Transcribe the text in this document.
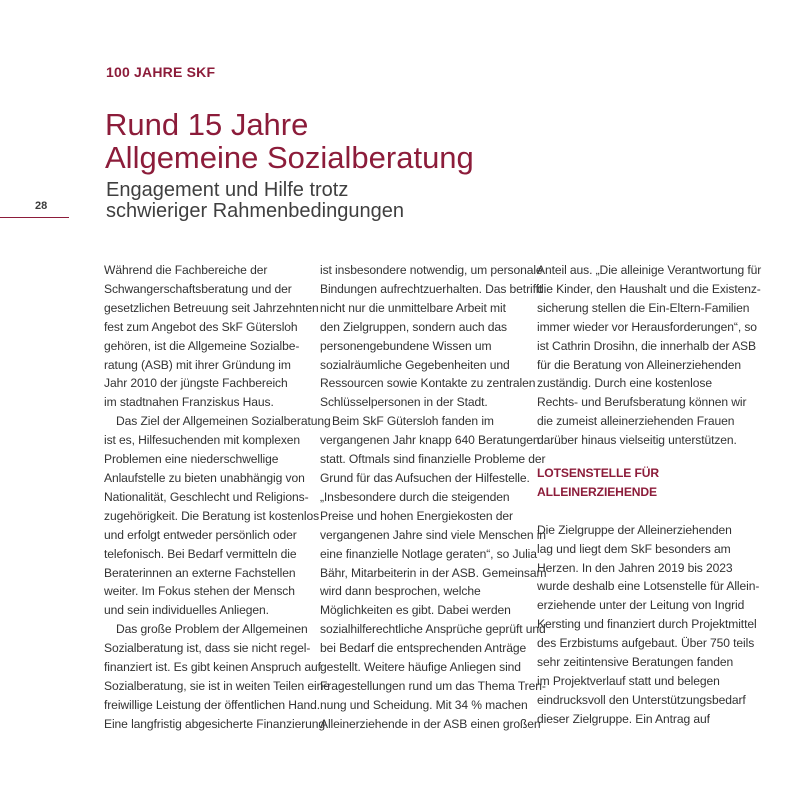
100 JAHRE SKF
Rund 15 Jahre
Allgemeine Sozialberatung
Engagement und Hilfe trotz
schwieriger Rahmenbedingungen
28
Während die Fachbereiche der
Schwangerschaftsberatung und der
gesetzlichen Betreuung seit Jahrzehnten
fest zum Angebot des SkF Gütersloh
gehören, ist die Allgemeine Sozialbe-
ratung (ASB) mit ihrer Gründung im
Jahr 2010 der jüngste Fachbereich
im stadtnahen Franziskus Haus.
Das Ziel der Allgemeinen Sozialberatung
ist es, Hilfesuchenden mit komplexen
Problemen eine niederschwellige
Anlaufstelle zu bieten unabhängig von
Nationalität, Geschlecht und Religions-
zugehörigkeit. Die Beratung ist kostenlos
und erfolgt entweder persönlich oder
telefonisch. Bei Bedarf vermitteln die
Beraterinnen an externe Fachstellen
weiter. Im Fokus stehen der Mensch
und sein individuelles Anliegen.
Das große Problem der Allgemeinen
Sozialberatung ist, dass sie nicht regel-
finanziert ist. Es gibt keinen Anspruch auf
Sozialberatung, sie ist in weiten Teilen eine
freiwillige Leistung der öffentlichen Hand.
Eine langfristig abgesicherte Finanzierung
ist insbesondere notwendig, um personale
Bindungen aufrechtzuerhalten. Das betrifft
nicht nur die unmittelbare Arbeit mit
den Zielgruppen, sondern auch das
personengebundene Wissen um
sozialräumliche Gegebenheiten und
Ressourcen sowie Kontakte zu zentralen
Schlüsselpersonen in der Stadt.
Beim SkF Gütersloh fanden im
vergangenen Jahr knapp 640 Beratungen
statt. Oftmals sind finanzielle Probleme der
Grund für das Aufsuchen der Hilfestelle.
„Insbesondere durch die steigenden
Preise und hohen Energiekosten der
vergangenen Jahre sind viele Menschen in
eine finanzielle Notlage geraten“, so Julia
Bähr, Mitarbeiterin in der ASB. Gemeinsam
wird dann besprochen, welche
Möglichkeiten es gibt. Dabei werden
sozialhilferechtliche Ansprüche geprüft und
bei Bedarf die entsprechenden Anträge
gestellt. Weitere häufige Anliegen sind
Fragestellungen rund um das Thema Tren-
nung und Scheidung. Mit 34 % machen
Alleinerziehende in der ASB einen großen
Anteil aus. „Die alleinige Verantwortung für
die Kinder, den Haushalt und die Existenz-
sicherung stellen die Ein-Eltern-Familien
immer wieder vor Herausforderungen“, so
ist Cathrin Drosihn, die innerhalb der ASB
für die Beratung von Alleinerziehenden
zuständig. Durch eine kostenlose
Rechts- und Berufsberatung können wir
die zumeist alleinerziehenden Frauen
darüber hinaus vielseitig unterstützen.
LOTSENSTELLE FÜR
ALLEINERZIEHENDE
Die Zielgruppe der Alleinerziehenden
lag und liegt dem SkF besonders am
Herzen. In den Jahren 2019 bis 2023
wurde deshalb eine Lotsenstelle für Allein-
erziehende unter der Leitung von Ingrid
Kersting und finanziert durch Projektmittel
des Erzbistums aufgebaut. Über 750 teils
sehr zeitintensive Beratungen fanden
im Projektverlauf statt und belegen
eindrucksvoll den Unterstützungsbedarf
dieser Zielgruppe. Ein Antrag auf
